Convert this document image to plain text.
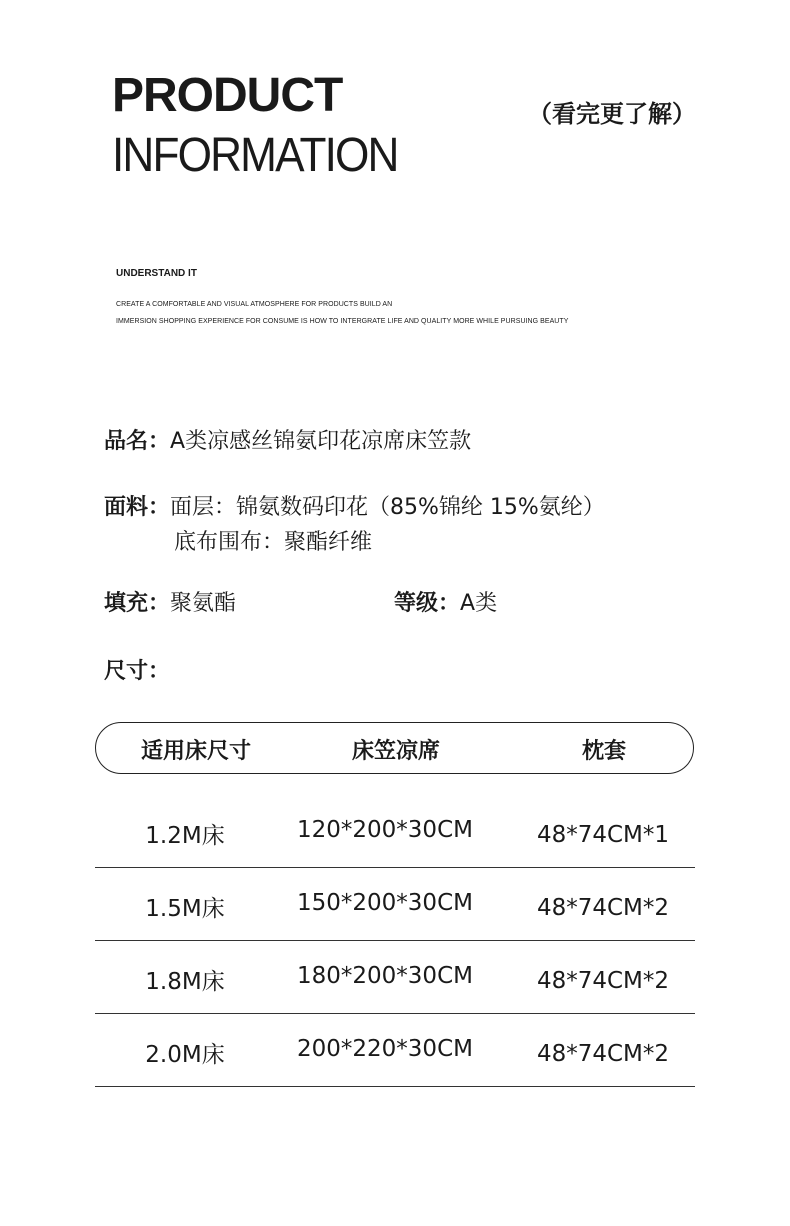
PRODUCT
INFORMATION
（看完更了解）

UNDERSTAND IT

CREATE A COMFORTABLE AND VISUAL ATMOSPHERE FOR PRODUCTS BUILD AN

IMMERSION SHOPPING EXPERIENCE FOR CONSUME IS HOW TO INTERGRATE LIFE AND QUALITY MORE WHILE PURSUING BEAUTY

品名：A类凉感丝锦氨印花凉席床笠款
面料：面层：锦氨数码印花（85%锦纶 15%氨纶）
底布围布：聚酯纤维
填充：聚氨酯	等级：A类
尺寸：
适用床尺寸	床笠凉席	枕套
1.2M床	120*200*30CM	48*74CM*1
1.5M床	150*200*30CM	48*74CM*2
1.8M床	180*200*30CM	48*74CM*2
2.0M床	200*220*30CM	48*74CM*2
